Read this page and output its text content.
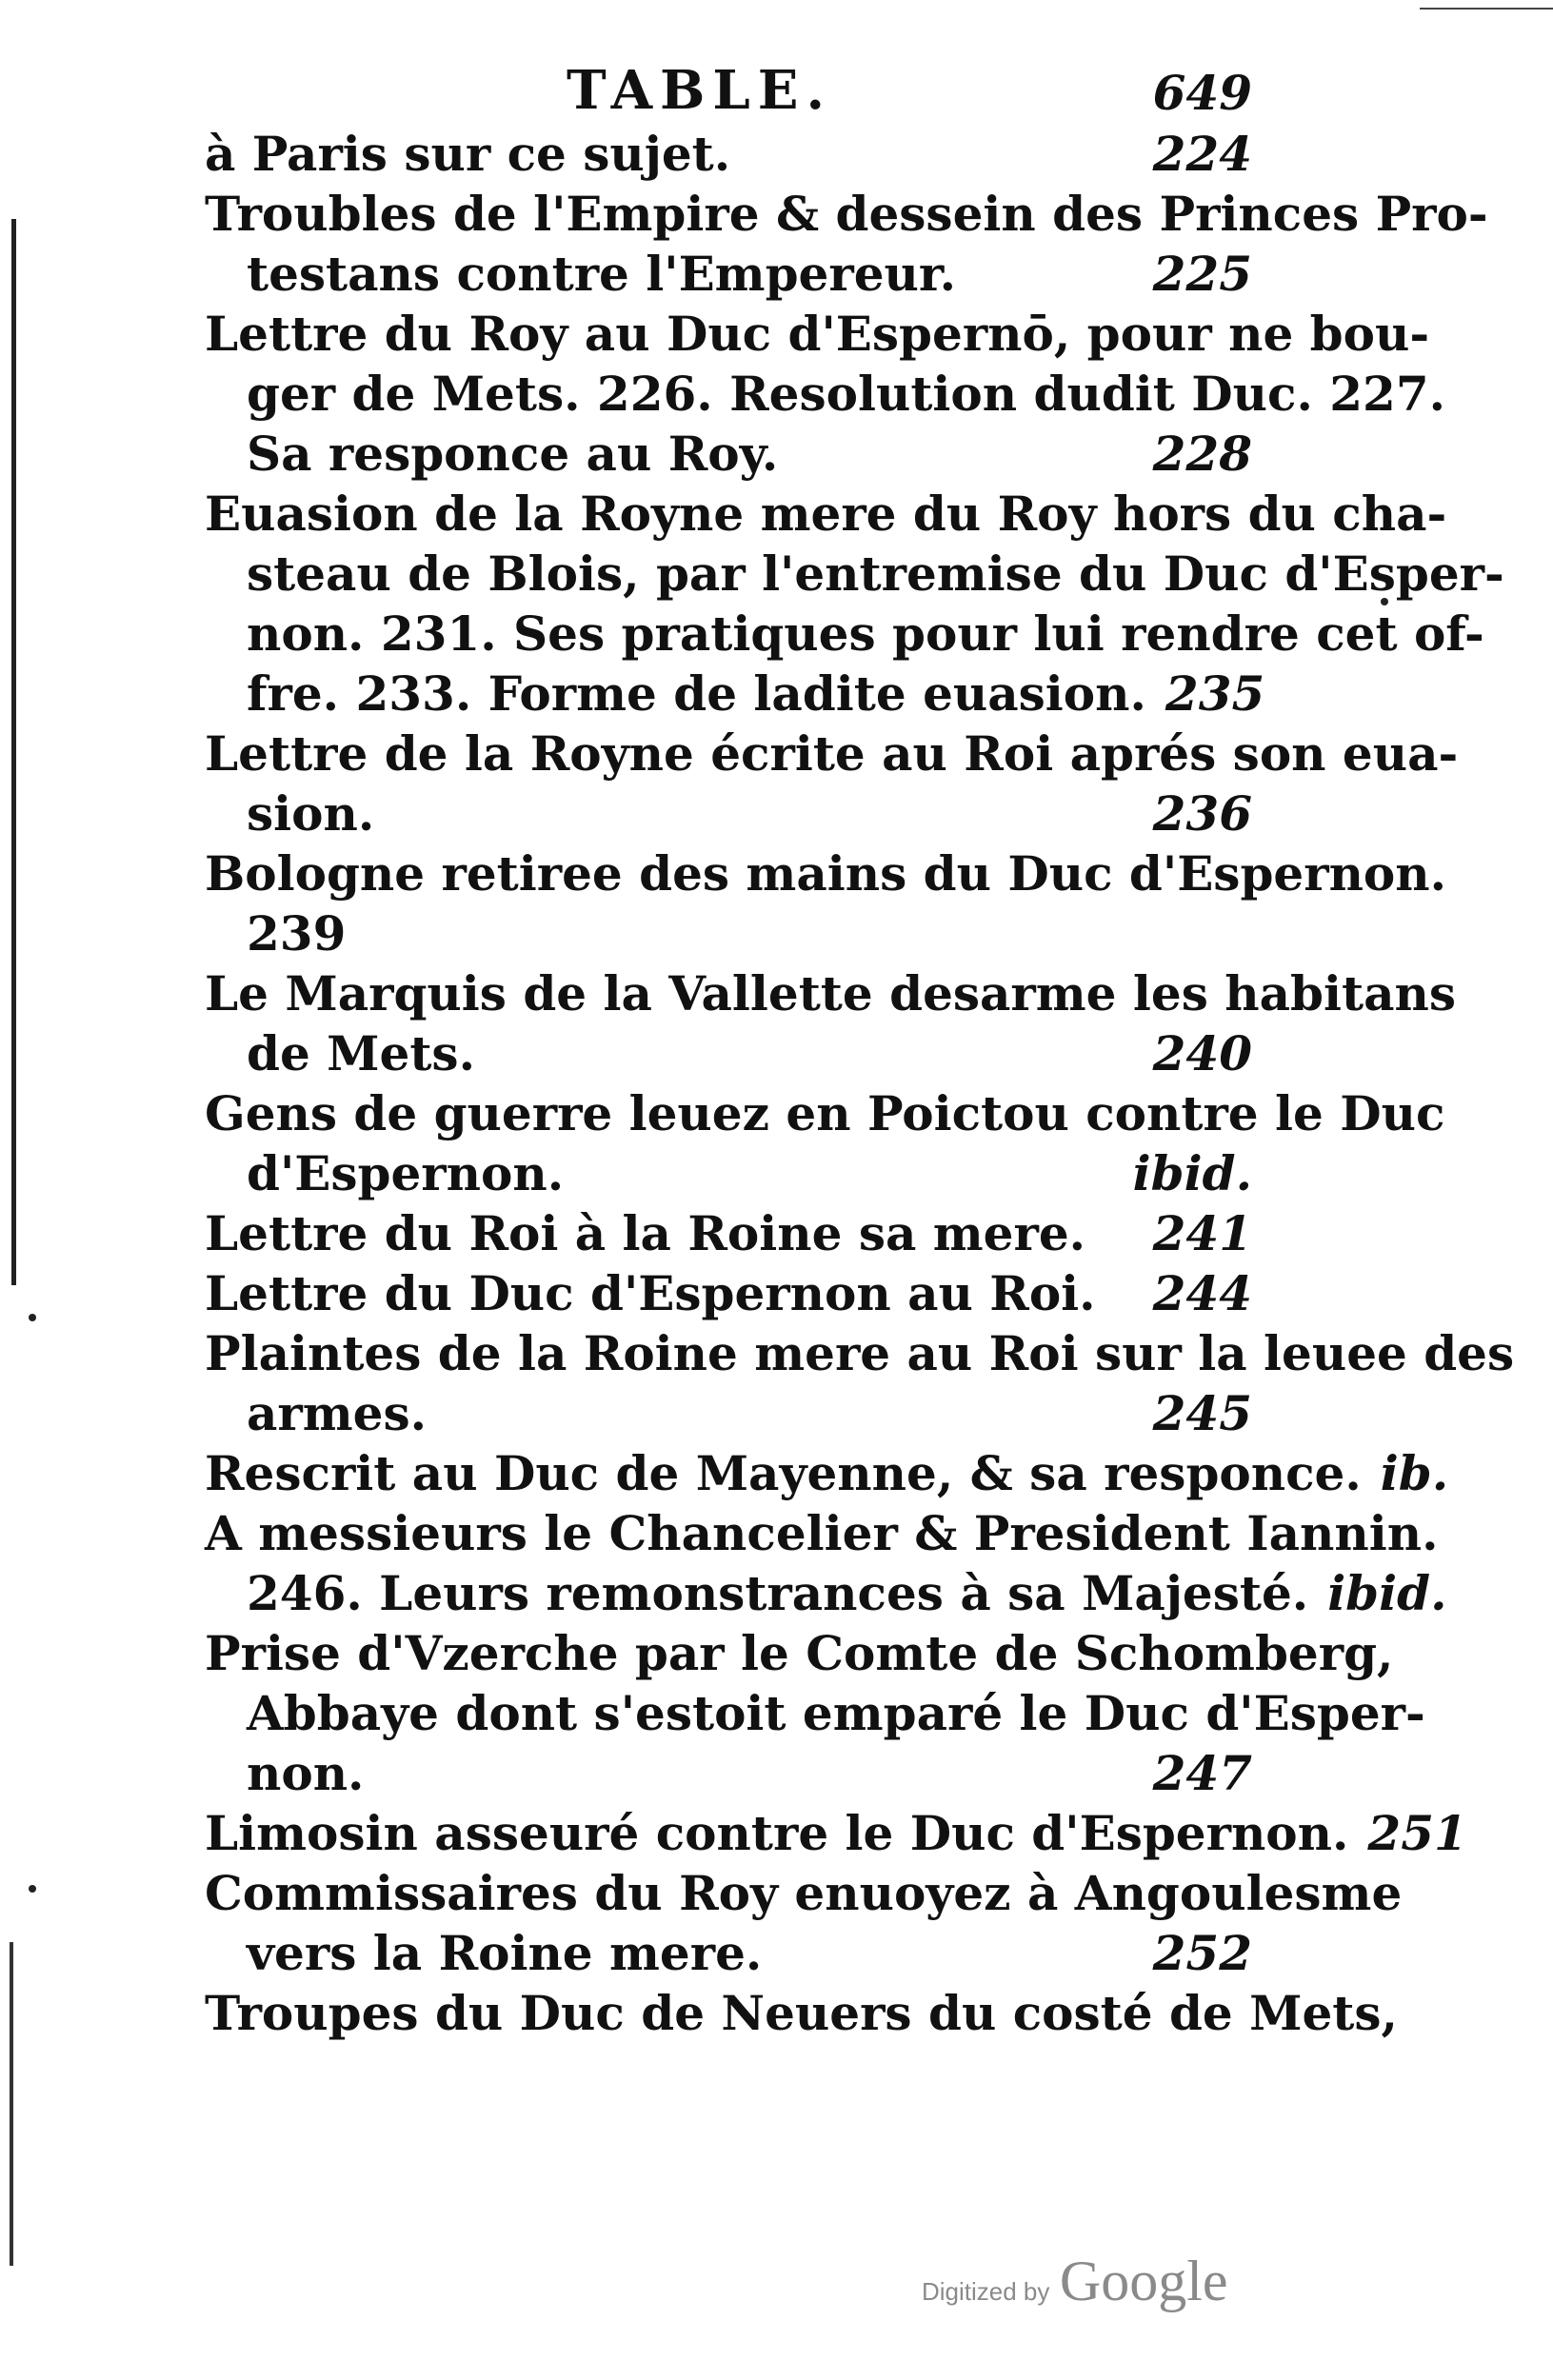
TABLE.	649
à Paris sur ce sujet.	224
Troubles de l'Empire & dessein des Princes Pro-
testans contre l'Empereur.	225
Lettre du Roy au Duc d'Espernō, pour ne bou-
ger de Mets. 226. Resolution dudit Duc. 227.
Sa responce au Roy.	228
Euasion de la Royne mere du Roy hors du cha-
steau de Blois, par l'entremise du Duc d'Esper-
non. 231. Ses pratiques pour lui rendre cet of-
fre. 233. Forme de ladite euasion. 235
Lettre de la Royne écrite au Roi aprés son eua-
sion.	236
Bologne retiree des mains du Duc d'Espernon.
239
Le Marquis de la Vallette desarme les habitans
de Mets.	240
Gens de guerre leuez en Poictou contre le Duc
d'Espernon.	ibid.
Lettre du Roi à la Roine sa mere. 241
Lettre du Duc d'Espernon au Roi. 244
Plaintes de la Roine mere au Roi sur la leuee des
armes.	245
Rescrit au Duc de Mayenne, & sa responce. ib.
A messieurs le Chancelier & President Iannin.
246. Leurs remonstrances à sa Majesté. ibid.
Prise d'Vzerche par le Comte de Schomberg,
Abbaye dont s'estoit emparé le Duc d'Esper-
non.	247
Limosin asseuré contre le Duc d'Espernon. 251
Commissaires du Roy enuoyez à Angoulesme
vers la Roine mere.	252
Troupes du Duc de Neuers du costé de Mets,
Digitized by Google
